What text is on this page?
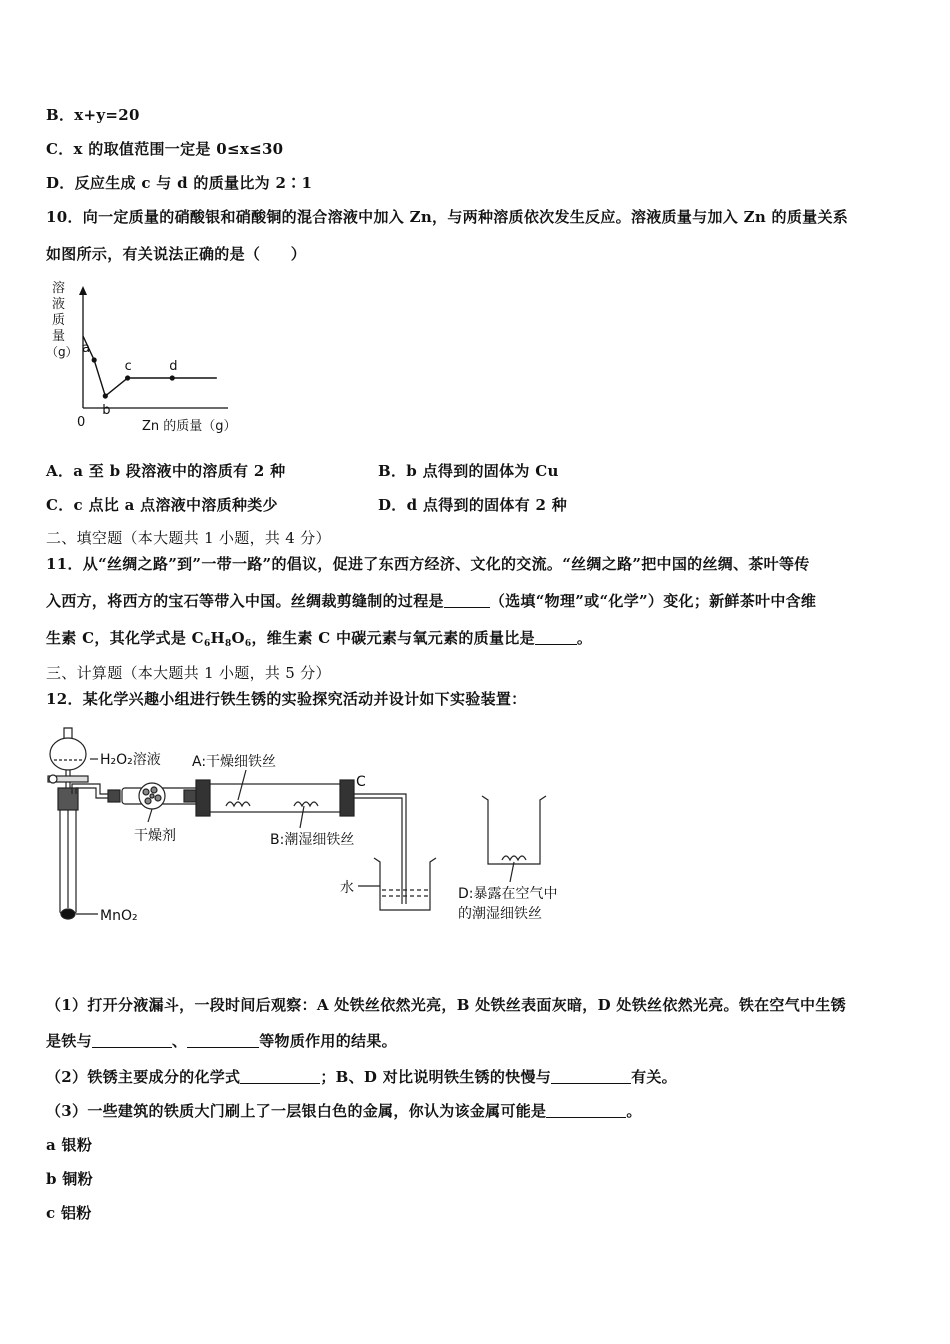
B．x+y=20
C．x 的取值范围一定是 0≤x≤30
D．反应生成 c 与 d 的质量比为 2∶1
10．向一定质量的硝酸银和硝酸铜的混合溶液中加入 Zn，与两种溶质依次发生反应。溶液质量与加入 Zn 的质量关系
如图所示，有关说法正确的是（　　）
溶
液
质
量
（g）
0	Zn 的质量（g）
a
b
c	d
A．a 至 b 段溶液中的溶质有 2 种	B．b 点得到的固体为 Cu
C．c 点比 a 点溶液中溶质种类少	D．d 点得到的固体有 2 种
二、填空题（本大题共 1 小题，共 4 分）
11．从“丝绸之路”到”一带一路”的倡议，促进了东西方经济、文化的交流。“丝绸之路”把中国的丝绸、茶叶等传
入西方，将西方的宝石等带入中国。丝绸裁剪缝制的过程是	（选填“物理”或“化学”）变化；新鲜茶叶中含维
生素 C，其化学式是 $C_6H_8O_6$，维生素 C 中碳元素与氧元素的质量比是	。
三、计算题（本大题共 1 小题，共 5 分）
12．某化学兴趣小组进行铁生锈的实验探究活动并设计如下实验装置：
H₂O₂溶液 A:干燥细铁丝
C
干燥剂	B:潮湿细铁丝
水
MnO₂
D:暴露在空气中
的潮湿细铁丝
（1）打开分液漏斗，一段时间后观察：A 处铁丝依然光亮，B 处铁丝表面灰暗，D 处铁丝依然光亮。铁在空气中生锈
是铁与	、	等物质作用的结果。
（2）铁锈主要成分的化学式	；B、D 对比说明铁生锈的快慢与	有关。
（3）一些建筑的铁质大门刷上了一层银白色的金属，你认为该金属可能是	。
a 银粉
b 铜粉
c 铝粉
